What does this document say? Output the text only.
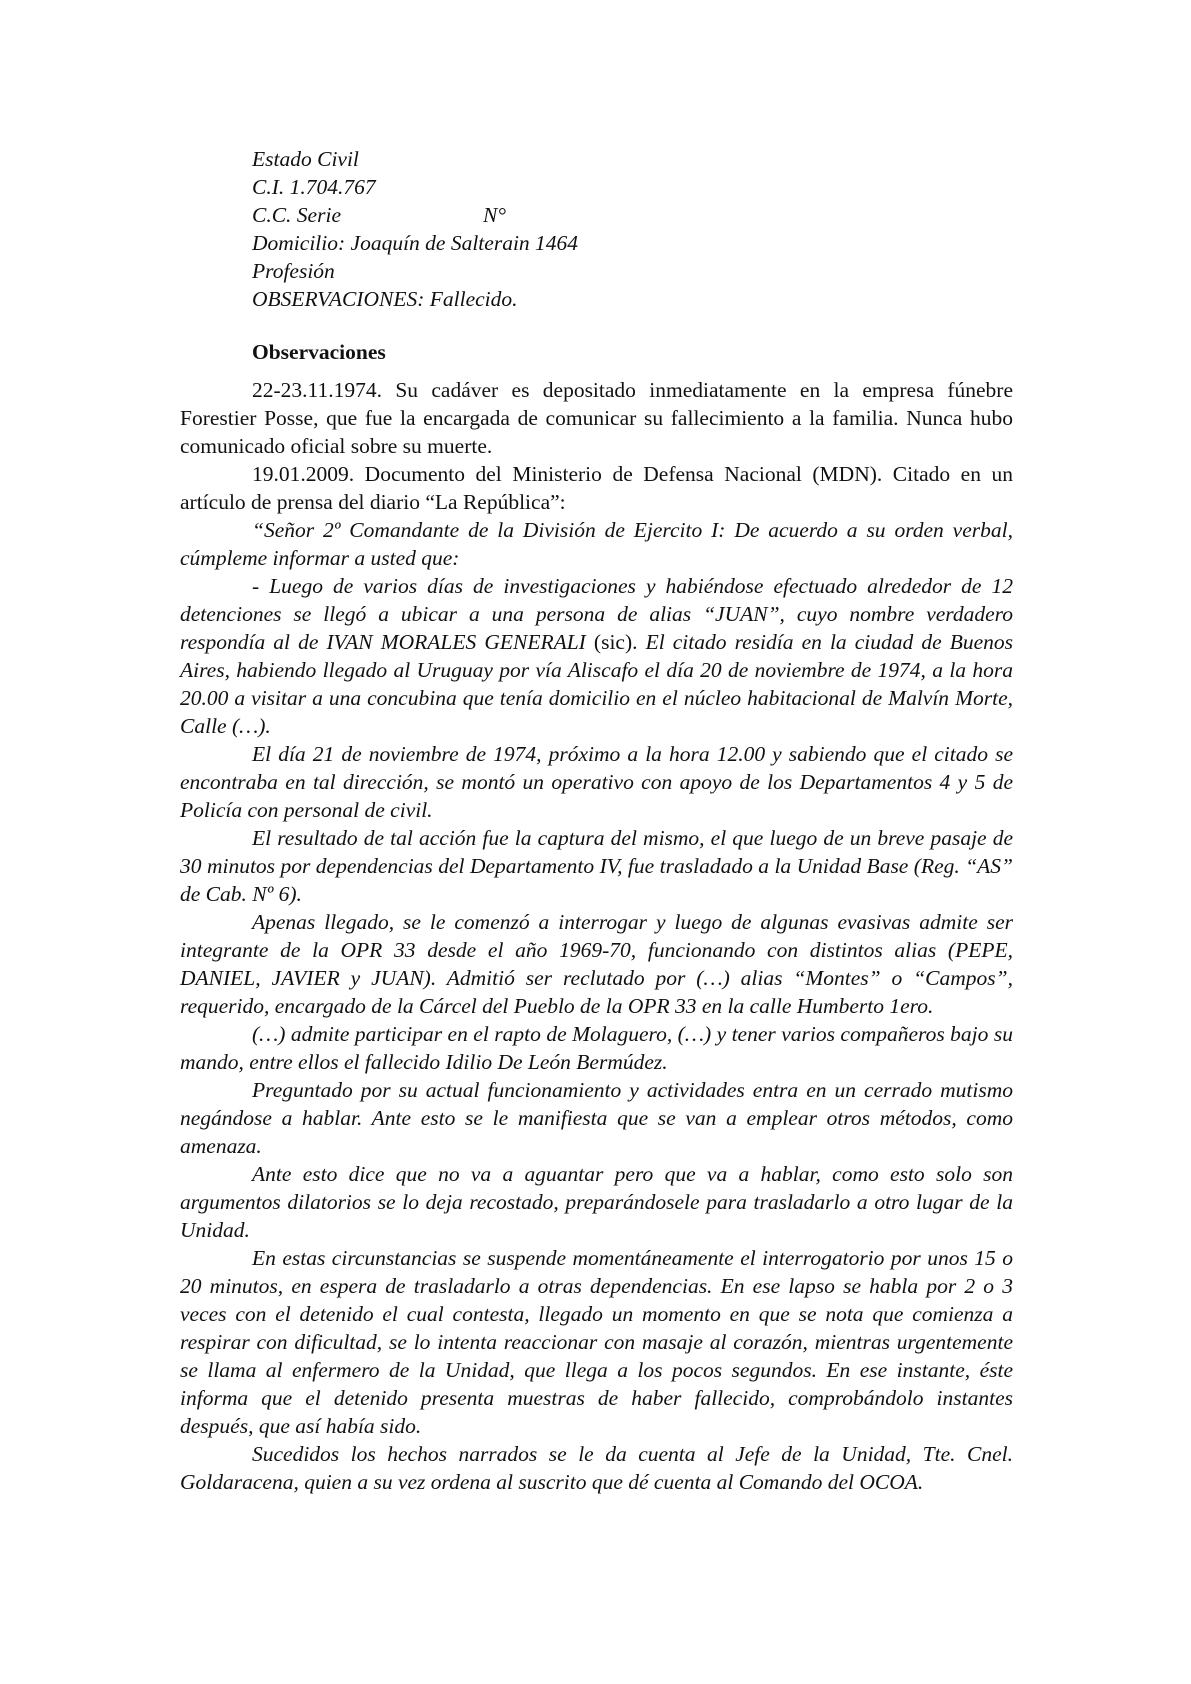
Estado Civil
C.I. 1.704.767
C.C. Serie	N°
Domicilio: Joaquín de Salterain 1464
Profesión
OBSERVACIONES: Fallecido.
Observaciones

22-23.11.1974. Su cadáver es depositado inmediatamente en la empresa fúnebre Forestier Posse, que fue la encargada de comunicar su fallecimiento a la familia. Nunca hubo comunicado oficial sobre su muerte.

19.01.2009. Documento del Ministerio de Defensa Nacional (MDN). Citado en un artículo de prensa del diario “La República”:

“Señor 2º Comandante de la División de Ejercito I: De acuerdo a su orden verbal, cúmpleme informar a usted que:

- Luego de varios días de investigaciones y habiéndose efectuado alrededor de 12 detenciones se llegó a ubicar a una persona de alias “JUAN”, cuyo nombre verdadero respondía al de IVAN MORALES GENERALI (sic). El citado residía en la ciudad de Buenos Aires, habiendo llegado al Uruguay por vía Aliscafo el día 20 de noviembre de 1974, a la hora 20.00 a visitar a una concubina que tenía domicilio en el núcleo habitacional de Malvín Morte, Calle (…).

El día 21 de noviembre de 1974, próximo a la hora 12.00 y sabiendo que el citado se encontraba en tal dirección, se montó un operativo con apoyo de los Departamentos 4 y 5 de Policía con personal de civil.

El resultado de tal acción fue la captura del mismo, el que luego de un breve pasaje de 30 minutos por dependencias del Departamento IV, fue trasladado a la Unidad Base (Reg. “AS” de Cab. Nº 6).

Apenas llegado, se le comenzó a interrogar y luego de algunas evasivas admite ser integrante de la OPR 33 desde el año 1969-70, funcionando con distintos alias (PEPE, DANIEL, JAVIER y JUAN). Admitió ser reclutado por (…) alias “Montes” o “Campos”, requerido, encargado de la Cárcel del Pueblo de la OPR 33 en la calle Humberto 1ero.

(…) admite participar en el rapto de Molaguero, (…) y tener varios compañeros bajo su mando, entre ellos el fallecido Idilio De León Bermúdez.

Preguntado por su actual funcionamiento y actividades entra en un cerrado mutismo negándose a hablar. Ante esto se le manifiesta que se van a emplear otros métodos, como amenaza.

Ante esto dice que no va a aguantar pero que va a hablar, como esto solo son argumentos dilatorios se lo deja recostado, preparándosele para trasladarlo a otro lugar de la Unidad.

En estas circunstancias se suspende momentáneamente el interrogatorio por unos 15 o 20 minutos, en espera de trasladarlo a otras dependencias. En ese lapso se habla por 2 o 3 veces con el detenido el cual contesta, llegado un momento en que se nota que comienza a respirar con dificultad, se lo intenta reaccionar con masaje al corazón, mientras urgentemente se llama al enfermero de la Unidad, que llega a los pocos segundos. En ese instante, éste informa que el detenido presenta muestras de haber fallecido, comprobándolo instantes después, que así había sido.

Sucedidos los hechos narrados se le da cuenta al Jefe de la Unidad, Tte. Cnel. Goldaracena, quien a su vez ordena al suscrito que dé cuenta al Comando del OCOA.
